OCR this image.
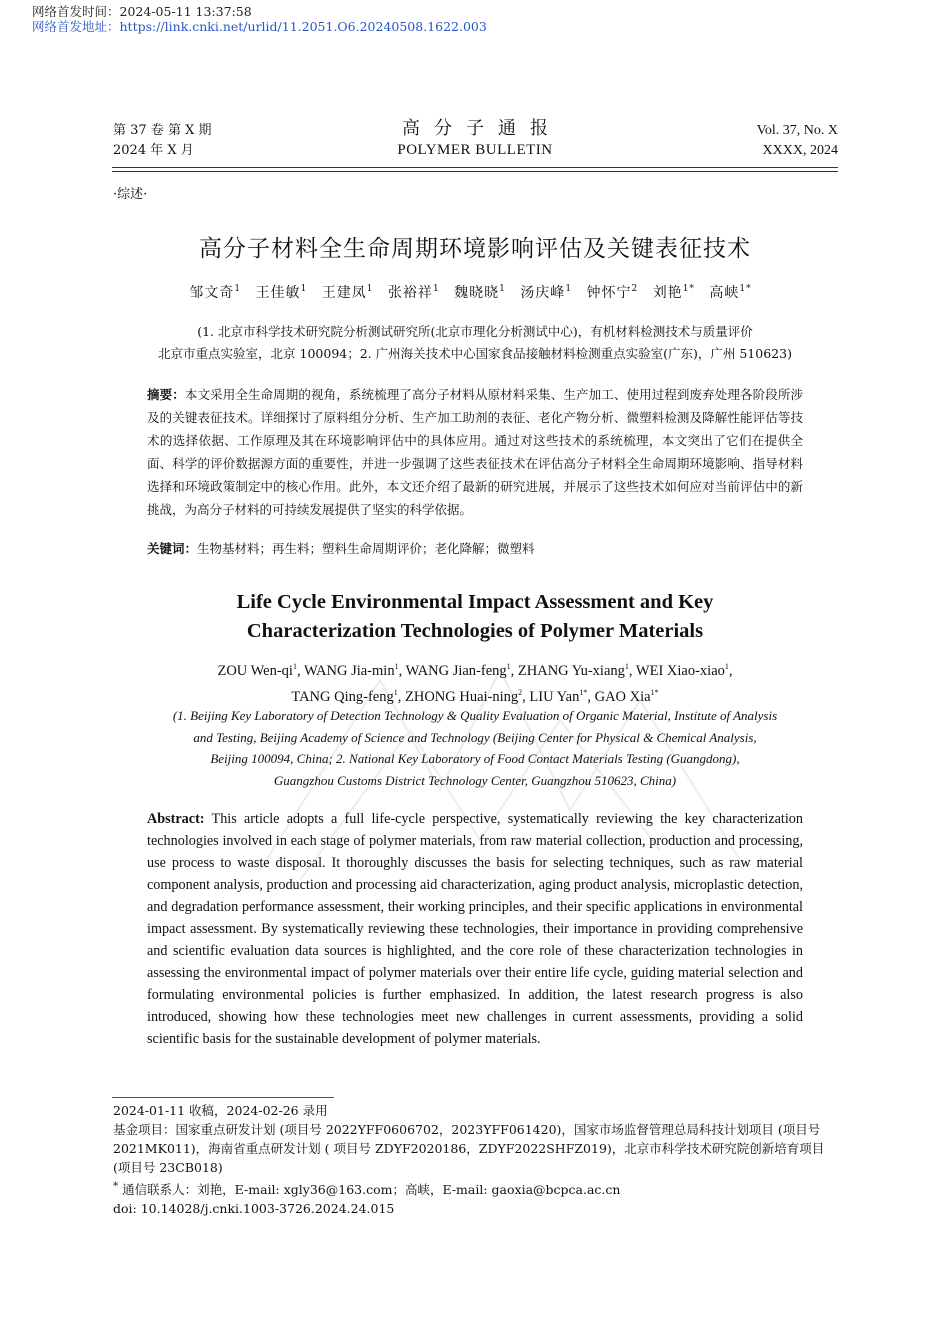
网络首发时间：2024-05-11 13:37:58
网络首发地址：https://link.cnki.net/urlid/11.2051.O6.20240508.1622.003
第 37 卷 第 X 期
2024 年 X 月
高分子通报
POLYMER BULLETIN
Vol. 37, No. X
XXXX, 2024
·综述·
高分子材料全生命周期环境影响评估及关键表征技术
邹文奇$^1$ 王佳敏$^1$ 王建凤$^1$ 张裕祥$^1$ 魏晓晓$^1$ 汤庆峰$^1$ 钟怀宁$^2$ 刘艳$^{1*}$ 高峡$^{1*}$
(1. 北京市科学技术研究院分析测试研究所(北京市理化分析测试中心)，有机材料检测技术与质量评价
北京市重点实验室，北京 100094；2. 广州海关技术中心国家食品接触材料检测重点实验室(广东)，广州 510623)
摘要：本文采用全生命周期的视角，系统梳理了高分子材料从原材料采集、生产加工、使用过程到废弃处理各阶段所涉及的关键表征技术。详细探讨了原料组分分析、生产加工助剂的表征、老化产物分析、微塑料检测及降解性能评估等技术的选择依据、工作原理及其在环境影响评估中的具体应用。通过对这些技术的系统梳理，本文突出了它们在提供全面、科学的评价数据源方面的重要性，并进一步强调了这些表征技术在评估高分子材料全生命周期环境影响、指导材料选择和环境政策制定中的核心作用。此外，本文还介绍了最新的研究进展，并展示了这些技术如何应对当前评估中的新挑战，为高分子材料的可持续发展提供了坚实的科学依据。
关键词：生物基材料；再生料；塑料生命周期评价；老化降解；微塑料
Life Cycle Environmental Impact Assessment and Key
Characterization Technologies of Polymer Materials
ZOU Wen-$qi^1$, WANG Jia-$\min^1$, WANG Jian-feng$^1$, ZHANG Yu-xiang$^1$, WEI Xiao-xiao$^1$,
TANG Qing-feng$^1$, ZHONG Huai-ning$^2$, LIU Yan$^{1*}$, GAO Xia$^{1*}$
(1. Beijing Key Laboratory of Detection Technology & Quality Evaluation of Organic Material, Institute of Analysis
and Testing, Beijing Academy of Science and Technology (Beijing Center for Physical & Chemical Analysis,
Beijing 100094, China; 2. National Key Laboratory of Food Contact Materials Testing (Guangdong),
Guangzhou Customs District Technology Center, Guangzhou 510623, China)
Abstract: This article adopts a full life-cycle perspective, systematically reviewing the key characterization technologies involved in each stage of polymer materials, from raw material collection, production and processing, use process to waste disposal. It thoroughly discusses the basis for selecting techniques, such as raw material component analysis, production and processing aid characterization, aging product analysis, microplastic detection, and degradation performance assessment, their working principles, and their specific applications in environmental impact assessment. By systematically reviewing these technologies, their importance in providing comprehensive and scientific evaluation data sources is highlighted, and the core role of these characterization technologies in assessing the environmental impact of polymer materials over their entire life cycle, guiding material selection and formulating environmental policies is further emphasized. In addition, the latest research progress is also introduced, showing how these technologies meet new challenges in current assessments, providing a solid scientific basis for the sustainable development of polymer materials.

2024-01-11 收稿，2024-02-26 录用

基金项目：国家重点研发计划 (项目号 2022YFF0606702，2023YFF061420)，国家市场监督管理总局科技计划项目 (项目号 2021MK011)，海南省重点研发计划 ( 项目号 ZDYF2020186，ZDYF2022SHFZ019)，北京市科学技术研究院创新培育项目 (项目号 23CB018)

* 通信联系人：刘艳，E-mail: xgly36@163.com；高峡，E-mail: gaoxia@bcpca.ac.cn

doi: 10.14028/j.cnki.1003-3726.2024.24.015
